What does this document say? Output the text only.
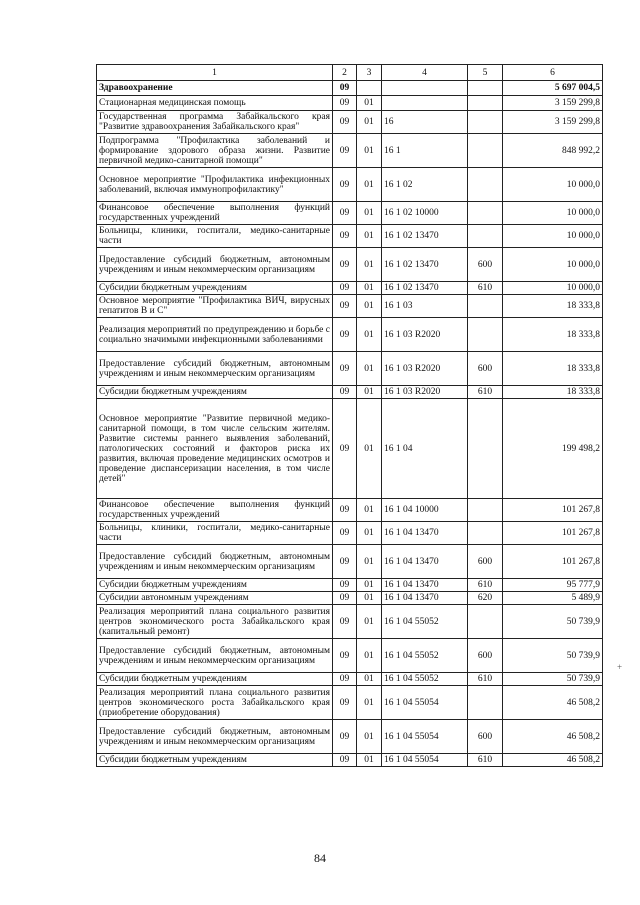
1	2	3	4	5	6
Здравоохранение	09				5 697 004,5
Стационарная медицинская помощь	09	01			3 159 299,8
Государственная программа Забайкальского края "Развитие здравоохранения Забайкальского края"	09	01	16		3 159 299,8
Подпрограмма "Профилактика заболеваний и формирование здорового образа жизни. Развитие первичной медико-санитарной помощи"	09	01	16 1		848 992,2
Основное мероприятие "Профилактика инфекционных заболеваний, включая иммунопрофилактику"	09	01	16 1 02		10 000,0
Финансовое обеспечение выполнения функций государственных учреждений	09	01	16 1 02 10000		10 000,0
Больницы, клиники, госпитали, медико-санитарные части	09	01	16 1 02 13470		10 000,0
Предоставление субсидий бюджетным, автономным учреждениям и иным некоммерческим организациям	09	01	16 1 02 13470	600	10 000,0
Субсидии бюджетным учреждениям	09	01	16 1 02 13470	610	10 000,0
Основное мероприятие "Профилактика ВИЧ, вирусных гепатитов В и С"	09	01	16 1 03		18 333,8
Реализация мероприятий по предупреждению и борьбе с социально значимыми инфекционными заболеваниями	09	01	16 1 03 R2020		18 333,8
Предоставление субсидий бюджетным, автономным учреждениям и иным некоммерческим организациям	09	01	16 1 03 R2020	600	18 333,8
Субсидии бюджетным учреждениям	09	01	16 1 03 R2020	610	18 333,8
Основное мероприятие "Развитие первичной медико-санитарной помощи, в том числе сельским жителям. Развитие системы раннего выявления заболеваний, патологических состояний и факторов риска их развития, включая проведение медицинских осмотров и проведение диспансеризации населения, в том числе детей"	09	01	16 1 04		199 498,2
Финансовое обеспечение выполнения функций государственных учреждений	09	01	16 1 04 10000		101 267,8
Больницы, клиники, госпитали, медико-санитарные части	09	01	16 1 04 13470		101 267,8
Предоставление субсидий бюджетным, автономным учреждениям и иным некоммерческим организациям	09	01	16 1 04 13470	600	101 267,8
Субсидии бюджетным учреждениям	09	01	16 1 04 13470	610	95 777,9
Субсидии автономным учреждениям	09	01	16 1 04 13470	620	5 489,9
Реализация мероприятий плана социального развития центров экономического роста Забайкальского края (капитальный ремонт)	09	01	16 1 04 55052		50 739,9
Предоставление субсидий бюджетным, автономным учреждениям и иным некоммерческим организациям	09	01	16 1 04 55052	600	50 739,9
Субсидии бюджетным учреждениям	09	01	16 1 04 55052	610	50 739,9
Реализация мероприятий плана социального развития центров экономического роста Забайкальского края (приобретение оборудования)	09	01	16 1 04 55054		46 508,2
Предоставление субсидий бюджетным, автономным учреждениям и иным некоммерческим организациям	09	01	16 1 04 55054	600	46 508,2
Субсидии бюджетным учреждениям	09	01	16 1 04 55054	610	46 508,2
84
+
